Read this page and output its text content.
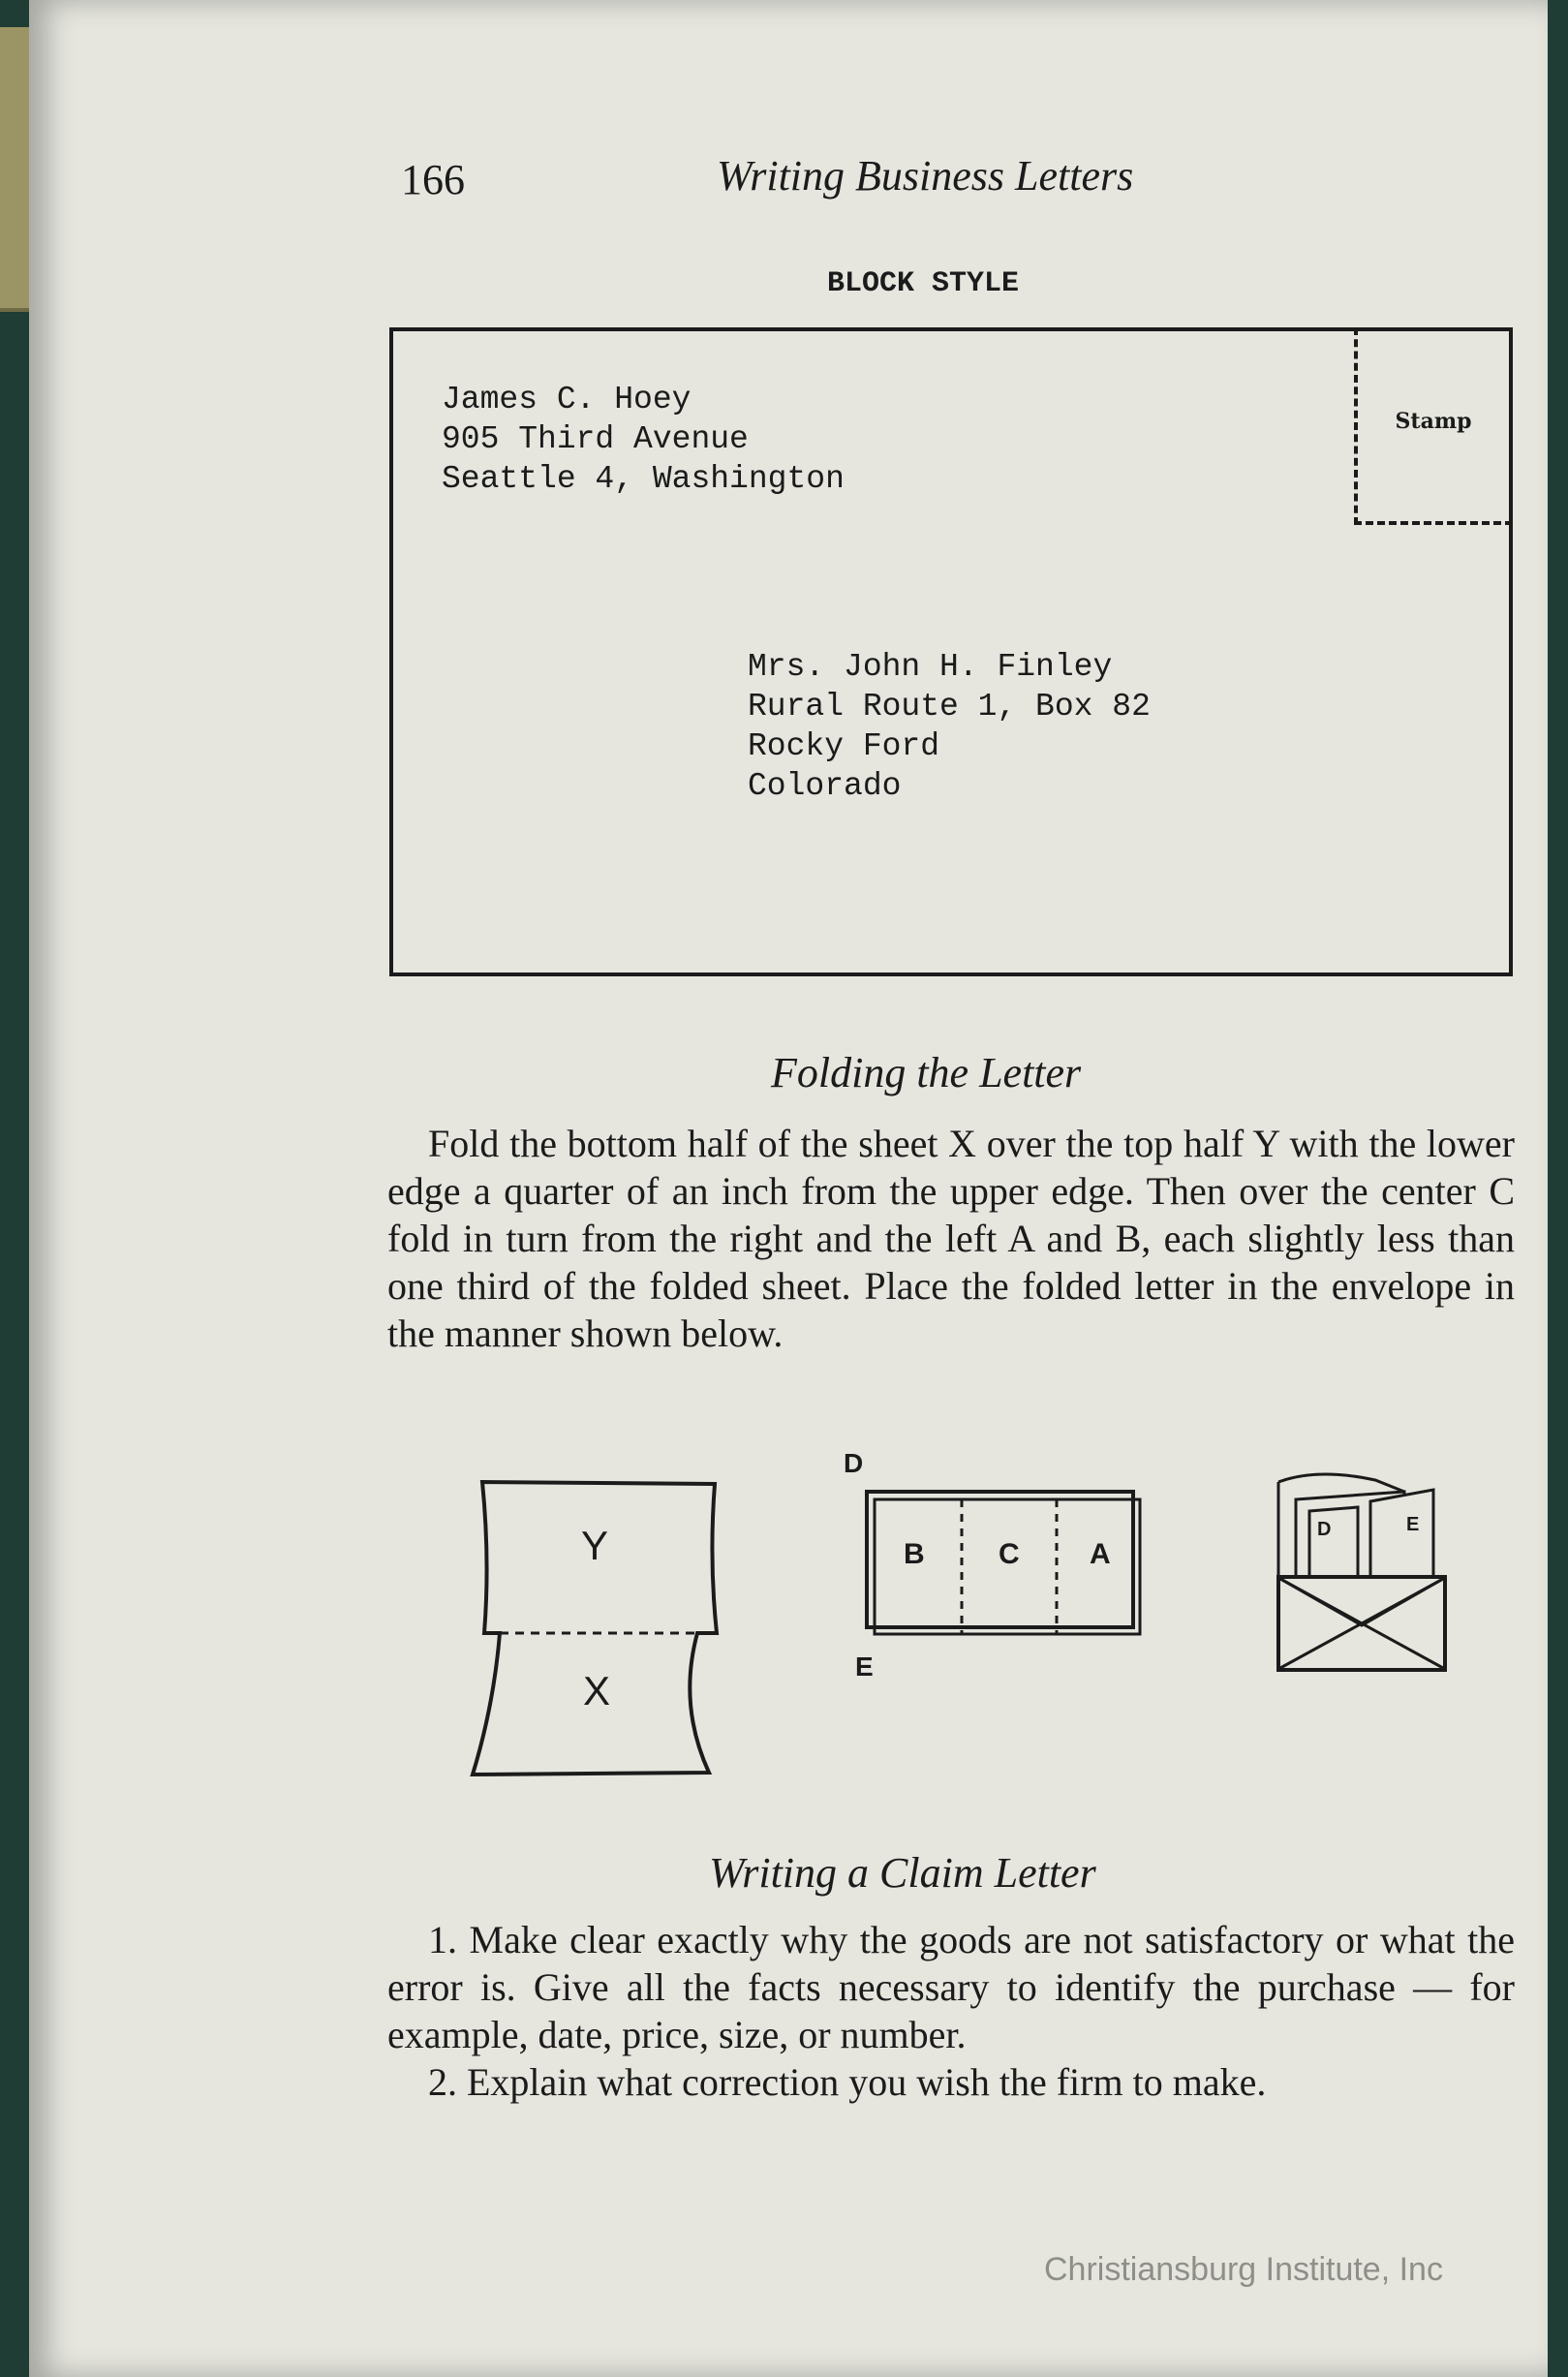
166	Writing Business Letters
BLOCK STYLE
Stamp
James C. Hoey
905 Third Avenue
Seattle 4, Washington
Mrs. John H. Finley
Rural Route 1, Box 82
Rocky Ford
Colorado
Folding the Letter
Fold the bottom half of the sheet X over the top half Y with the lower edge a quarter of an inch from the upper edge. Then over the center C fold in turn from the right and the left A and B, each slightly less than one third of the folded sheet. Place the folded letter in the envelope in the manner shown below.
Y
X
D
B	C A
E
D	E
Writing a Claim Letter
1. Make clear exactly why the goods are not satisfactory or what the error is. Give all the facts necessary to identify the purchase — for example, date, price, size, or number.
2. Explain what correction you wish the firm to make.
Christiansburg Institute, Inc
